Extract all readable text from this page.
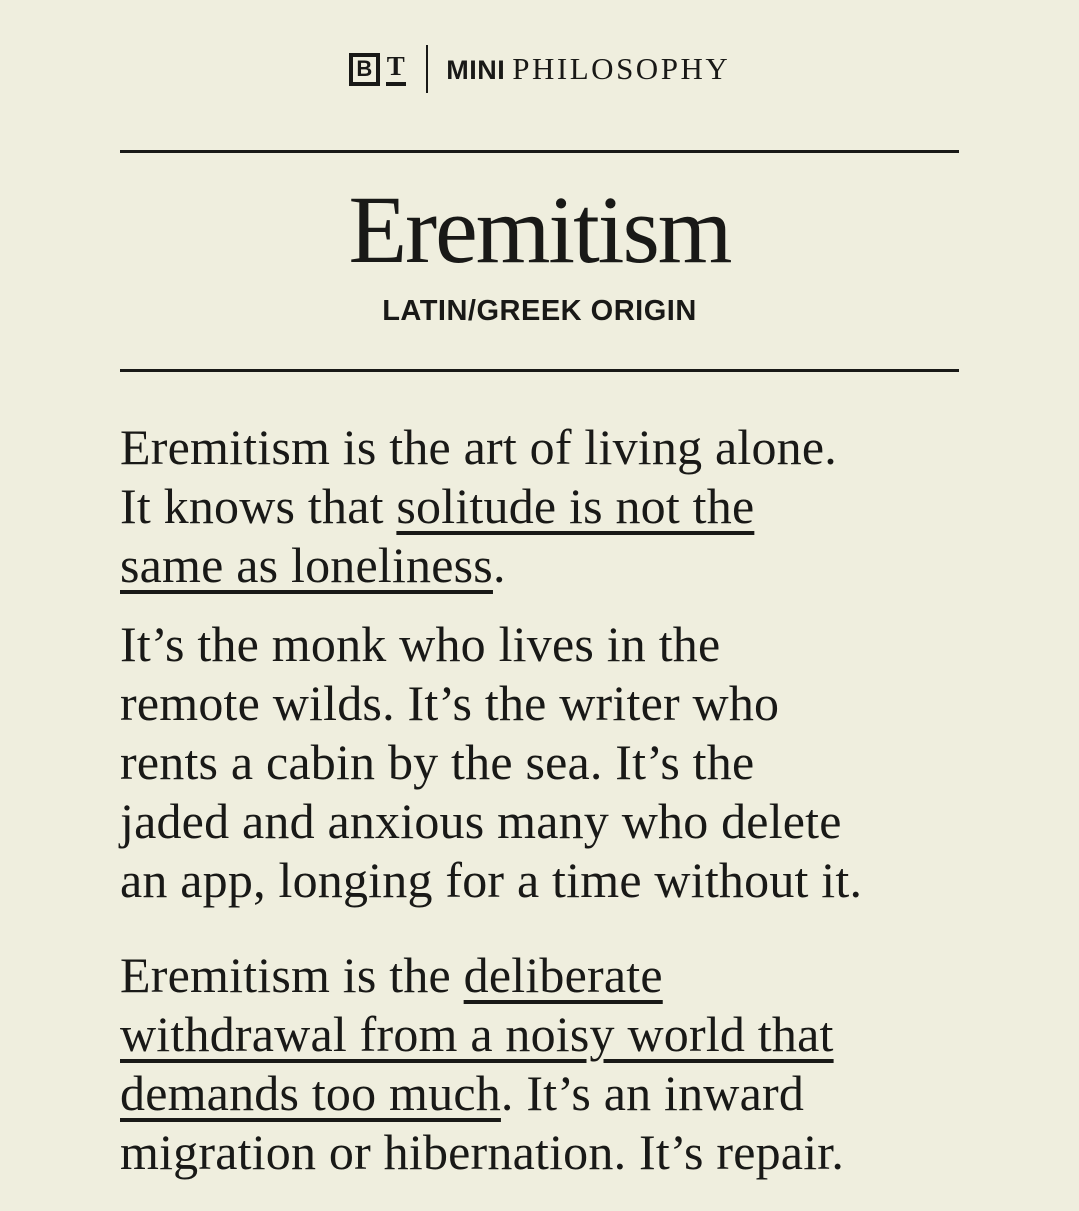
B T MINI PHILOSOPHY
Eremitism
LATIN/GREEK ORIGIN

Eremitism is the art of living alone.
It knows that solitude is not the
same as loneliness.

It’s the monk who lives in the
remote wilds. It’s the writer who
rents a cabin by the sea. It’s the
jaded and anxious many who delete
an app, longing for a time without it.

Eremitism is the deliberate
withdrawal from a noisy world that
demands too much. It’s an inward
migration or hibernation. It’s repair.
